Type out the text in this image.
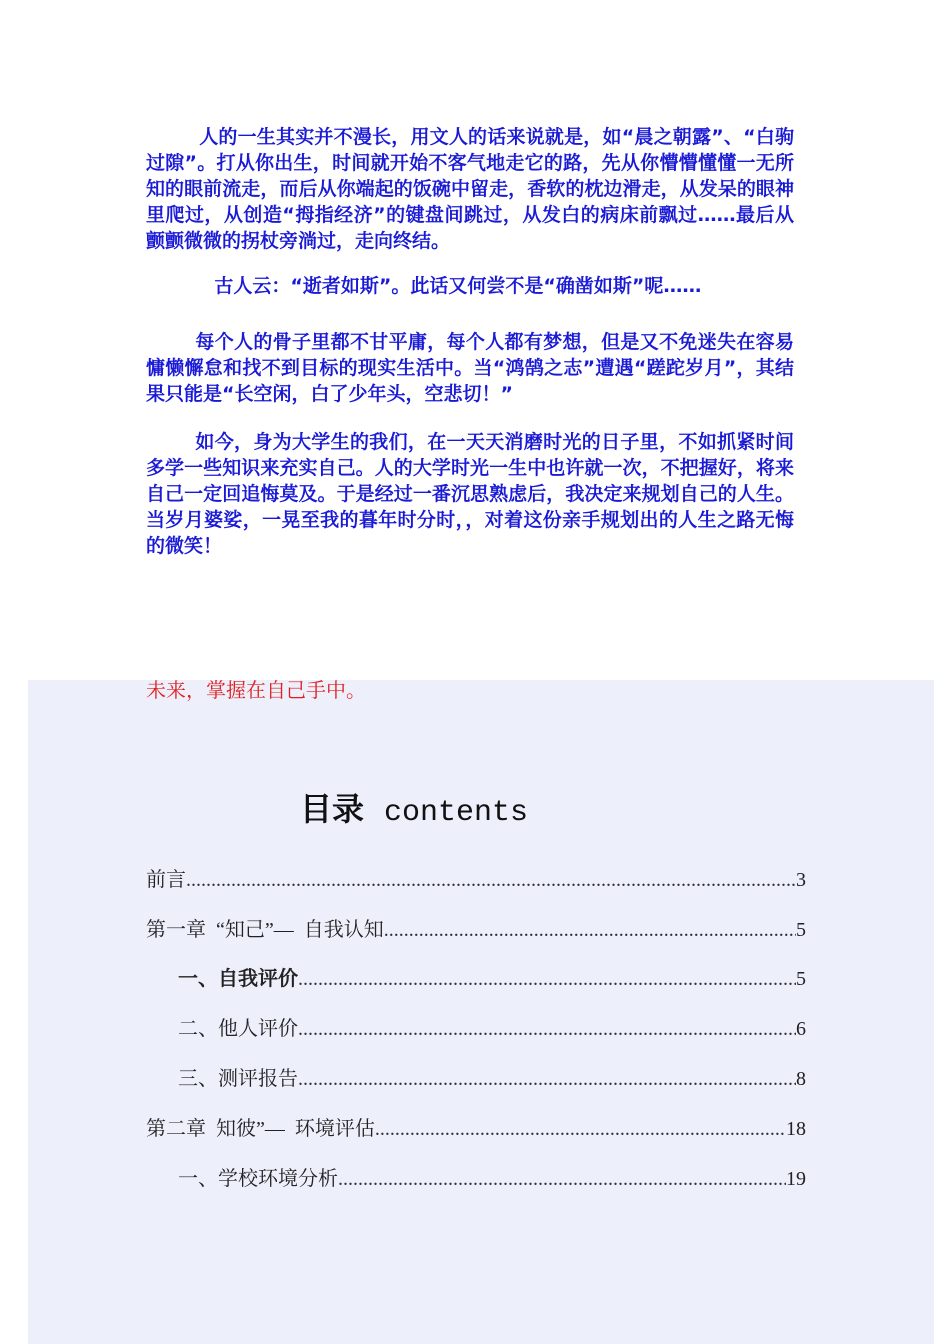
人的一生其实并不漫长，用文人的话来说就是，如“晨之朝露”、“白驹过隙”。打从你出生，时间就开始不客气地走它的路，先从你懵懵懂懂一无所知的眼前流走，而后从你端起的饭碗中留走，香软的枕边滑走，从发呆的眼神里爬过，从创造“拇指经济”的键盘间跳过，从发白的病床前飘过……最后从颤颤微微的拐杖旁淌过，走向终结。

古人云：“逝者如斯”。此话又何尝不是“确凿如斯”呢……

每个人的骨子里都不甘平庸，每个人都有梦想，但是又不免迷失在容易慵懒懈怠和找不到目标的现实生活中。当“鸿鹄之志”遭遇“蹉跎岁月”，其结果只能是“长空闲，白了少年头，空悲切！”

如今，身为大学生的我们，在一天天消磨时光的日子里，不如抓紧时间多学一些知识来充实自己。人的大学时光一生中也许就一次，不把握好，将来自己一定回追悔莫及。于是经过一番沉思熟虑后，我决定来规划自己的人生。当岁月婆娑，一晃至我的暮年时分时，，对着这份亲手规划出的人生之路无悔的微笑！

未来，掌握在自己手中。
目录 contents
前言 .....	3
第一章  “知己”—  自我认知 .....	5
一、自我评价 .....	5
二、他人评价 .....	6
三、测评报告 .....	8
第二章  知彼”—  环境评估 .....	18
一、学校环境分析 .....	19
